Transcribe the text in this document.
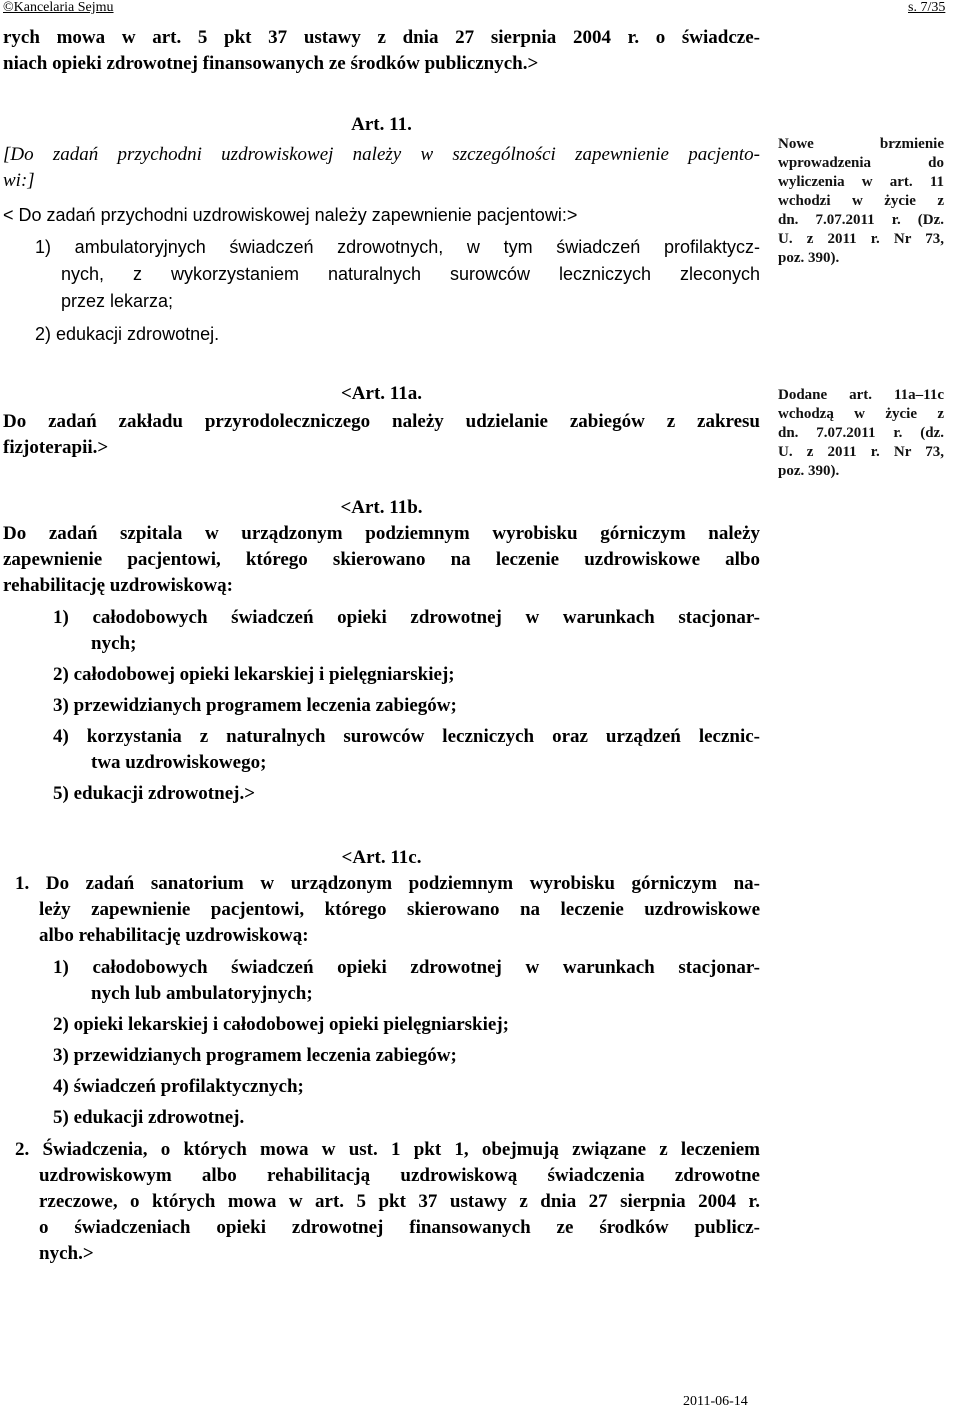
©Kancelaria Sejmu	s. 7/35

rych mowa w art. 5 pkt 37 ustawy z dnia 27 sierpnia 2004 r. o świadcze-

niach opieki zdrowotnej finansowanych ze środków publicznych.>

Art. 11.

[Do zadań przychodni uzdrowiskowej należy w szczególności zapewnienie pacjento-

wi:]

< Do zadań przychodni uzdrowiskowej należy zapewnienie pacjentowi:>

1) ambulatoryjnych świadczeń zdrowotnych, w tym świadczeń profilaktycz-
nych, z wykorzystaniem naturalnych surowców leczniczych zleconych
przez lekarza;
2) edukacji zdrowotnej.
Nowe brzmienie
wprowadzenia do
wyliczenia w art. 11
wchodzi w życie z
dn. 7.07.2011 r. (Dz.
U. z 2011 r. Nr 73,
poz. 390).

<Art. 11a.

Do zadań zakładu przyrodoleczniczego należy udzielanie zabiegów z zakresu

fizjoterapii.>

Dodane art. 11a–11c
wchodzą w życie z
dn. 7.07.2011 r. (dz.
U. z 2011 r. Nr 73,
poz. 390).

<Art. 11b.

Do zadań szpitala w urządzonym podziemnym wyrobisku górniczym należy

zapewnienie pacjentowi, którego skierowano na leczenie uzdrowiskowe albo

rehabilitację uzdrowiskową:

1) całodobowych świadczeń opieki zdrowotnej w warunkach stacjonar-
nych;
2) całodobowej opieki lekarskiej i pielęgniarskiej;
3) przewidzianych programem leczenia zabiegów;
4) korzystania z naturalnych surowców leczniczych oraz urządzeń lecznic-
twa uzdrowiskowego;
5) edukacji zdrowotnej.>

<Art. 11c.

1. Do zadań sanatorium w urządzonym podziemnym wyrobisku górniczym na-

leży zapewnienie pacjentowi, którego skierowano na leczenie uzdrowiskowe

albo rehabilitację uzdrowiskową:

1) całodobowych świadczeń opieki zdrowotnej w warunkach stacjonar-
nych lub ambulatoryjnych;
2) opieki lekarskiej i całodobowej opieki pielęgniarskiej;
3) przewidzianych programem leczenia zabiegów;
4) świadczeń profilaktycznych;
5) edukacji zdrowotnej.

2. Świadczenia, o których mowa w ust. 1 pkt 1, obejmują związane z leczeniem

uzdrowiskowym albo rehabilitacją uzdrowiskową świadczenia zdrowotne

rzeczowe, o których mowa w art. 5 pkt 37 ustawy z dnia 27 sierpnia 2004 r.

o świadczeniach opieki zdrowotnej finansowanych ze środków publicz-

nych.>

2011-06-14
